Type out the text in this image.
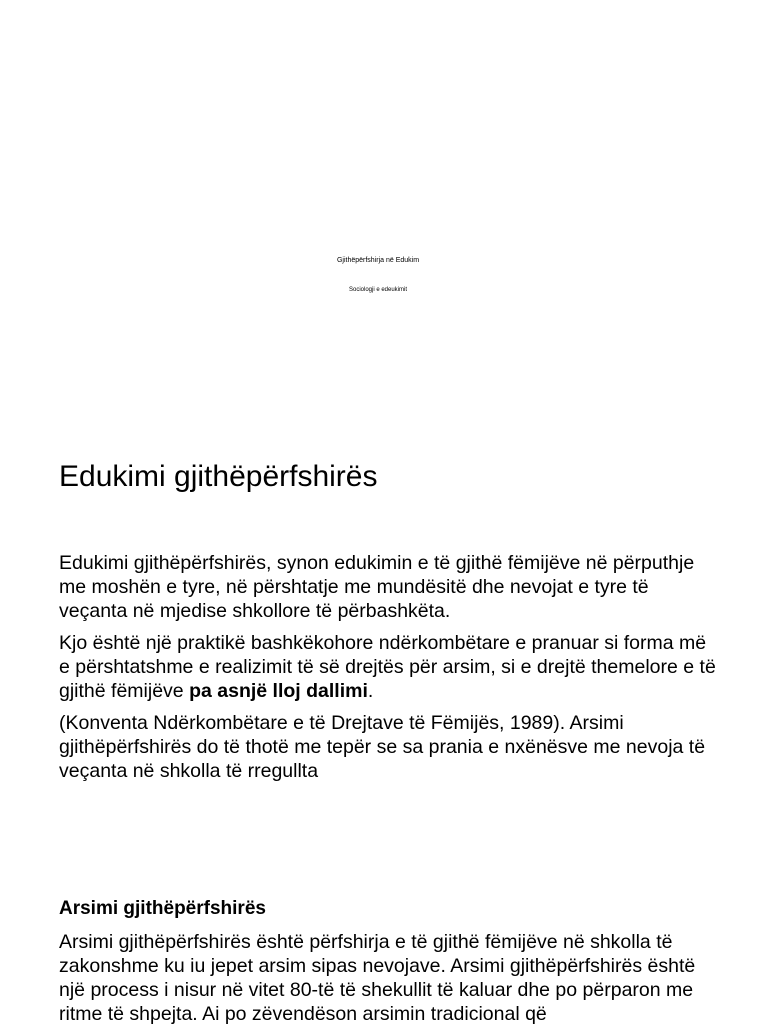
Gjithëpërfshirja në Edukim
Sociologji e edeukimit
Edukimi gjithëpërfshirës

Edukimi gjithëpërfshirës, synon edukimin e të gjithë fëmijëve në përputhje me moshën e tyre, në përshtatje me mundësitë dhe nevojat e tyre të veçanta në mjedise shkollore të përbashkëta.

Kjo është një praktikë bashkëkohore ndërkombëtare e pranuar si forma më e përshtatshme e realizimit të së drejtës për arsim, si e drejtë themelore e të gjithë fëmijëve pa asnjë lloj dallimi.

(Konventa Ndërkombëtare e të Drejtave të Fëmijës, 1989). Arsimi gjithëpërfshirës do të thotë me tepër se sa prania e nxënësve me nevoja të veçanta në shkolla të rregullta

Arsimi gjithëpërfshirës

Arsimi gjithëpërfshirës është përfshirja e të gjithë fëmijëve në shkolla të zakonshme ku iu jepet arsim sipas nevojave. Arsimi gjithëpërfshirës është një process i nisur në vitet 80-të të shekullit të kaluar dhe po përparon me ritme të shpejta. Ai po zëvendëson arsimin tradicional që
